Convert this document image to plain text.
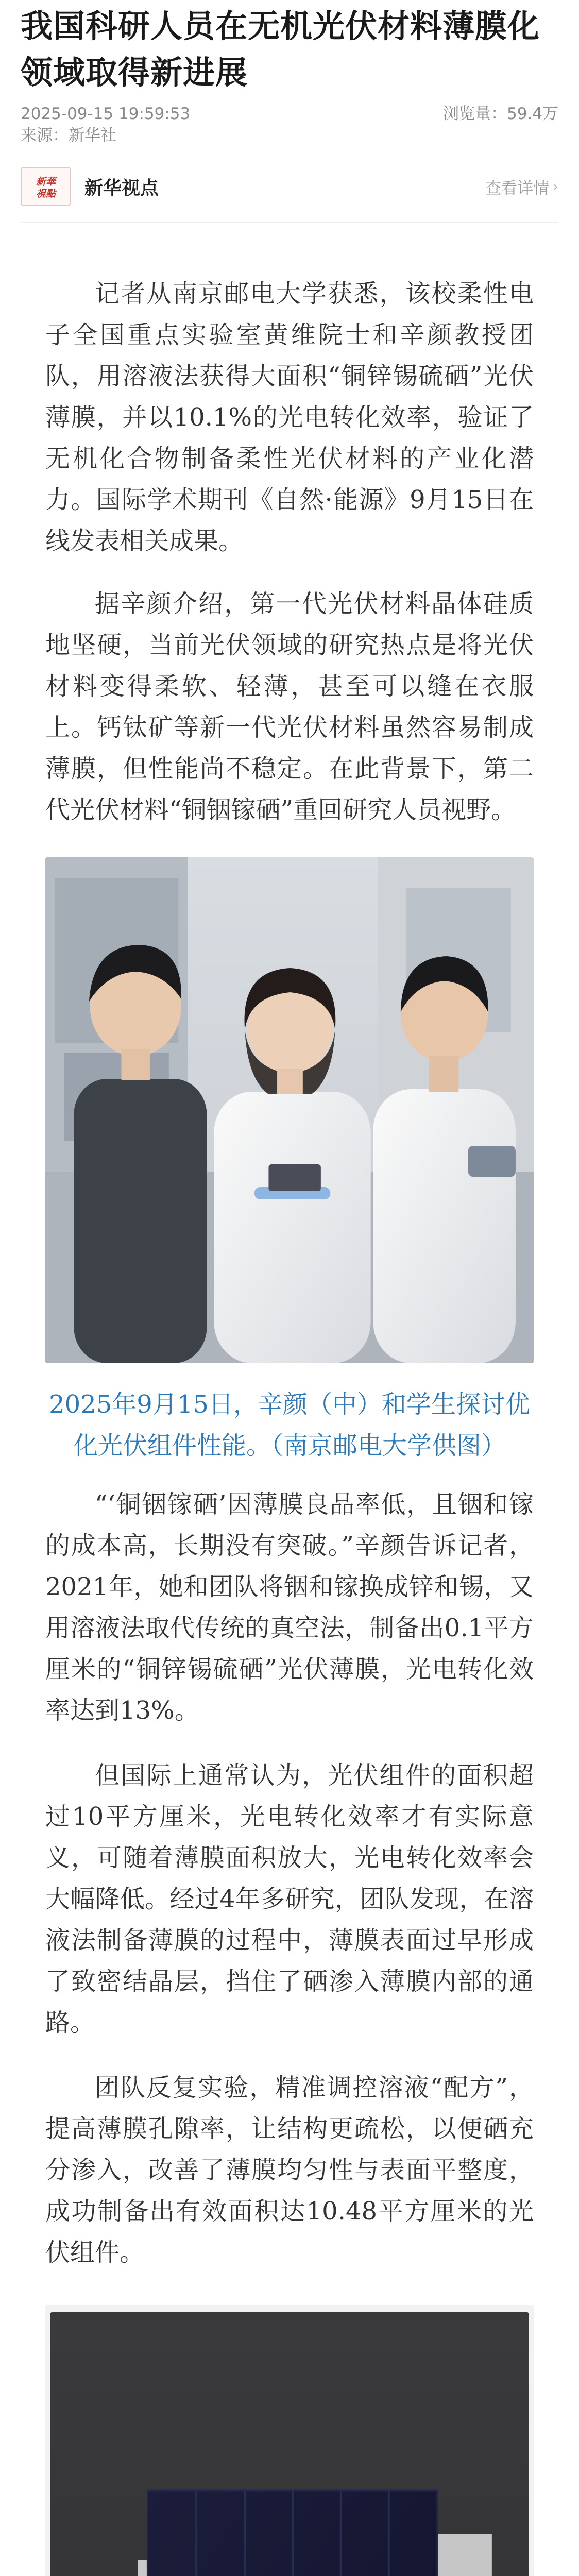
我国科研人员在无机光伏材料薄膜化领域取得新进展
2025-09-15 19:59:53	浏览量：59.4万
来源：新华社
新華
視點 新华视点	查看详情 ›

记者从南京邮电大学获悉，该校柔性电子全国重点实验室黄维院士和辛颜教授团队，用溶液法获得大面积“铜锌锡硫硒”光伏薄膜，并以10.1%的光电转化效率，验证了无机化合物制备柔性光伏材料的产业化潜力。国际学术期刊《自然·能源》9月15日在线发表相关成果。

据辛颜介绍，第一代光伏材料晶体硅质地坚硬，当前光伏领域的研究热点是将光伏材料变得柔软、轻薄，甚至可以缝在衣服上。钙钛矿等新一代光伏材料虽然容易制成薄膜，但性能尚不稳定。在此背景下，第二代光伏材料“铜铟镓硒”重回研究人员视野。

2025年9月15日，辛颜（中）和学生探讨优化光伏组件性能。（南京邮电大学供图）

“‘铜铟镓硒’因薄膜良品率低，且铟和镓的成本高，长期没有突破。”辛颜告诉记者，2021年，她和团队将铟和镓换成锌和锡，又用溶液法取代传统的真空法，制备出0.1平方厘米的“铜锌锡硫硒”光伏薄膜，光电转化效率达到13%。

但国际上通常认为，光伏组件的面积超过10平方厘米，光电转化效率才有实际意义，可随着薄膜面积放大，光电转化效率会大幅降低。经过4年多研究，团队发现，在溶液法制备薄膜的过程中，薄膜表面过早形成了致密结晶层，挡住了硒渗入薄膜内部的通路。

团队反复实验，精准调控溶液“配方”，提高薄膜孔隙率，让结构更疏松，以便硒充分渗入，改善了薄膜均匀性与表面平整度，成功制备出有效面积达10.48平方厘米的光伏组件。
